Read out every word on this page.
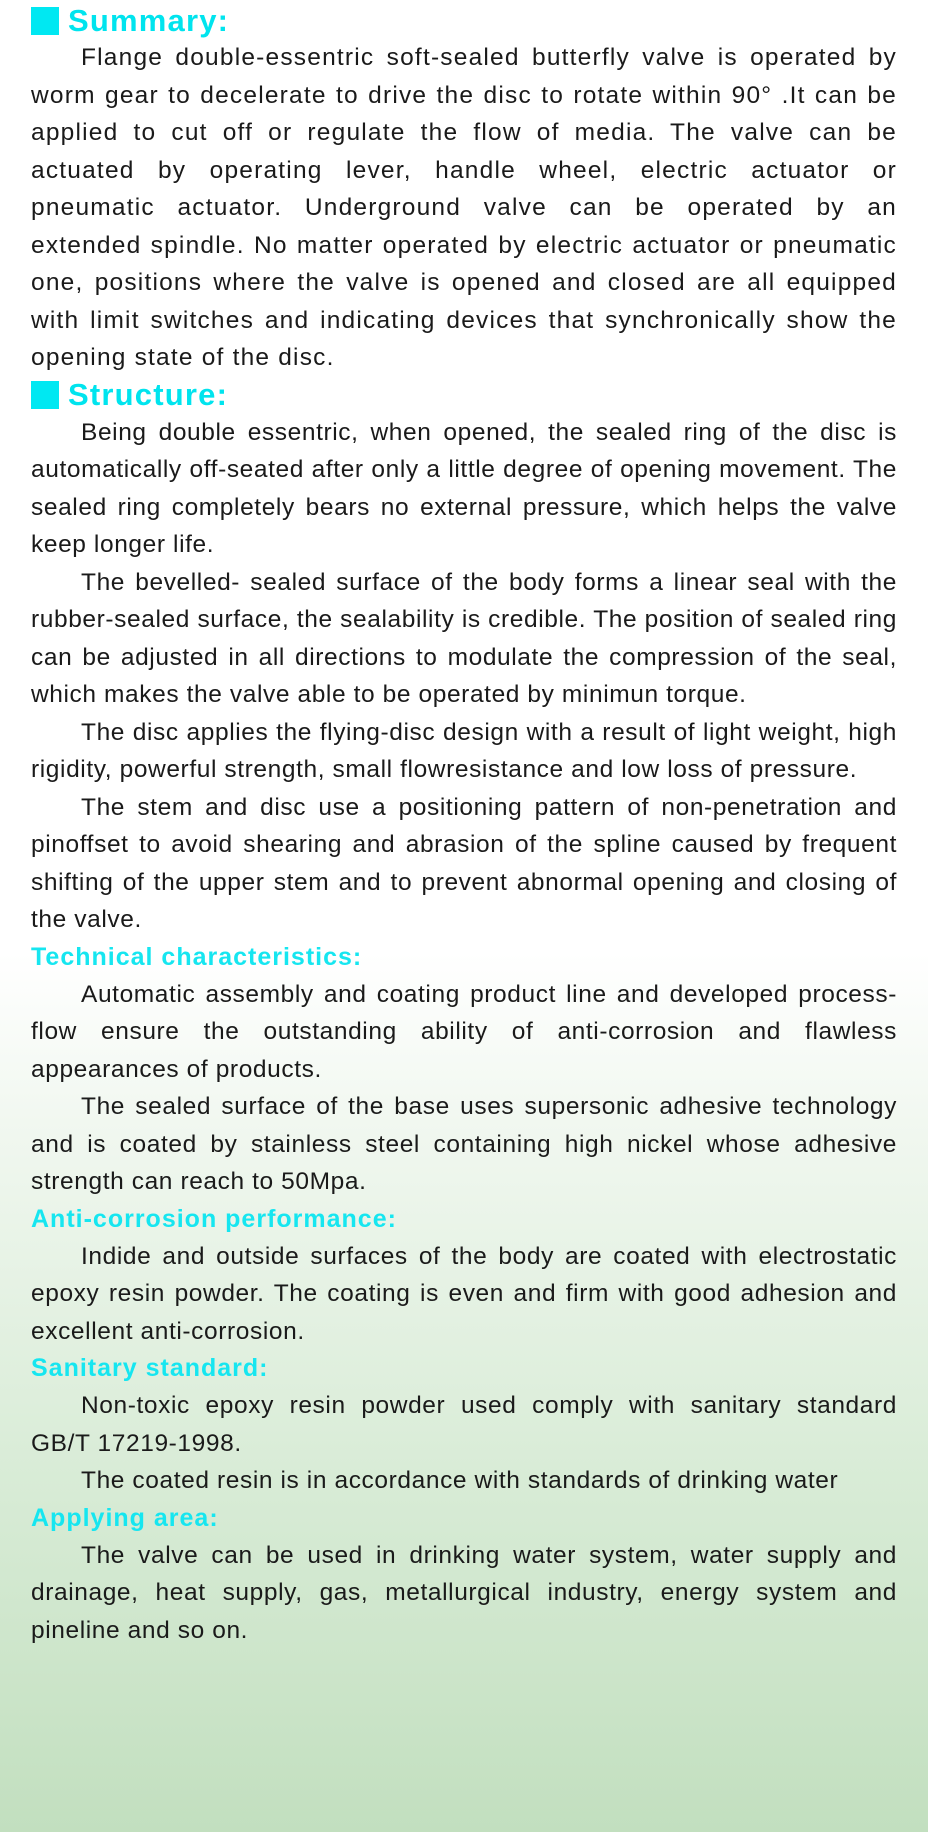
Summary:

Flange double-essentric soft-sealed butterfly valve is operated by worm gear to decelerate to drive the disc to rotate within 90° .It can be applied to cut off or regulate the flow of media. The valve can be actuated by operating lever, handle wheel, electric actuator or pneumatic actuator. Underground valve can be operated by an extended spindle. No matter operated by electric actuator or pneumatic one, positions where the valve is opened and closed are all equipped with limit switches and indicating devices that synchronically show the opening state of the disc.

Structure:

Being double essentric, when opened, the sealed ring of the disc is automatically off-seated after only a little degree of opening movement. The sealed ring completely bears no external pressure, which helps the valve keep longer life.

The bevelled- sealed surface of the body forms a linear seal with the rubber-sealed surface, the sealability is credible. The position of sealed ring can be adjusted in all directions to modulate the compression of the seal, which makes the valve able to be operated by minimun torque.

The disc applies the flying-disc design with a result of light weight, high rigidity, powerful strength, small flowresistance and low loss of pressure.

The stem and disc use a positioning pattern of non-penetration and pinoffset to avoid shearing and abrasion of the spline caused by frequent shifting of the upper stem and to prevent abnormal opening and closing of the valve.

Technical characteristics:

Automatic assembly and coating product line and developed process-flow ensure the outstanding ability of anti-corrosion and flawless appearances of products.

The sealed surface of the base uses supersonic adhesive technology and is coated by stainless steel containing high nickel whose adhesive strength can reach to 50Mpa.

Anti-corrosion performance:

Indide and outside surfaces of the body are coated with electrostatic epoxy resin powder. The coating is even and firm with good adhesion and excellent anti-corrosion.

Sanitary standard:

Non-toxic epoxy resin powder used comply with sanitary standard GB/T 17219-1998.

The coated resin is in accordance with standards of drinking water

Applying area:

The valve can be used in drinking water system, water supply and drainage, heat supply, gas, metallurgical industry, energy system and pineline and so on.
